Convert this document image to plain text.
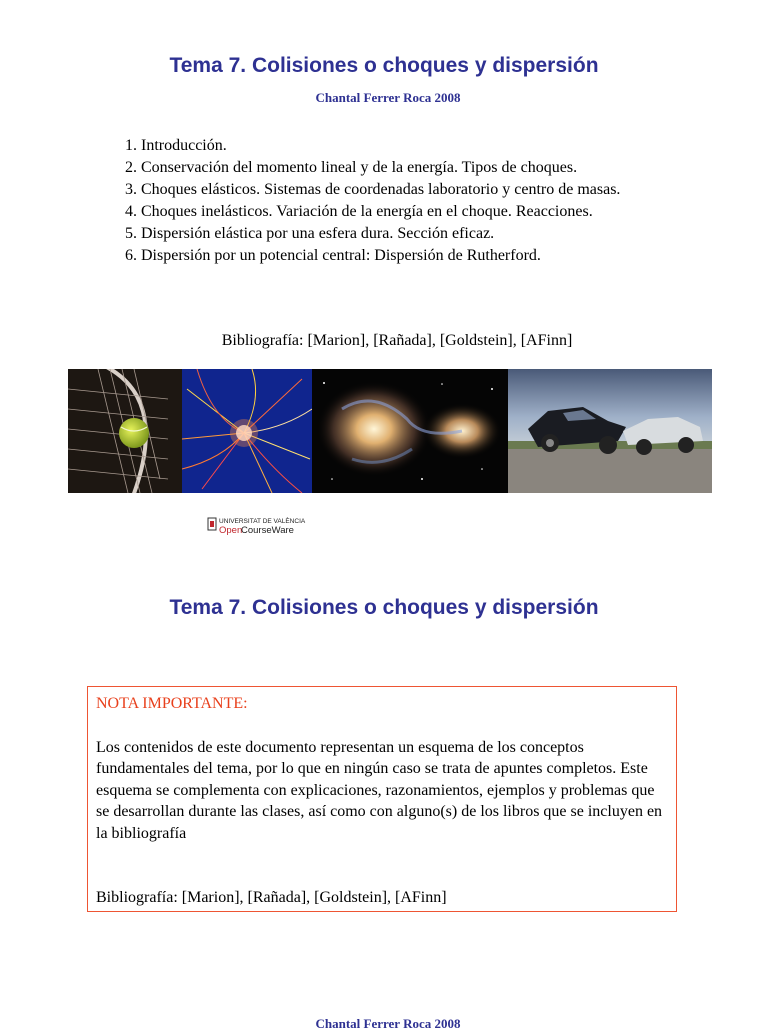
Tema 7. Colisiones o choques y dispersión
Chantal Ferrer Roca 2008
1. Introducción.
2. Conservación del momento lineal y de la energía. Tipos de choques.
3. Choques elásticos. Sistemas de coordenadas laboratorio y centro de masas.
4. Choques inelásticos. Variación de la energía en el choque. Reacciones.
5. Dispersión elástica por una esfera dura. Sección eficaz.
6. Dispersión por un potencial central: Dispersión de Rutherford.
Bibliografía: [Marion], [Rañada], [Goldstein], [AFinn]
UNIVERSITAT DE VALÈNCIA
Open
CourseWare
Tema 7. Colisiones o choques y dispersión

NOTA IMPORTANTE:

Los contenidos de este documento representan un esquema de los conceptos fundamentales del tema, por lo que en ningún caso se trata de apuntes completos. Este esquema se complementa con explicaciones, razonamientos, ejemplos y problemas que se desarrollan durante las clases, así como con alguno(s) de los libros que se incluyen en la bibliografía

Bibliografía: [Marion], [Rañada], [Goldstein], [AFinn]

Chantal Ferrer Roca 2008
